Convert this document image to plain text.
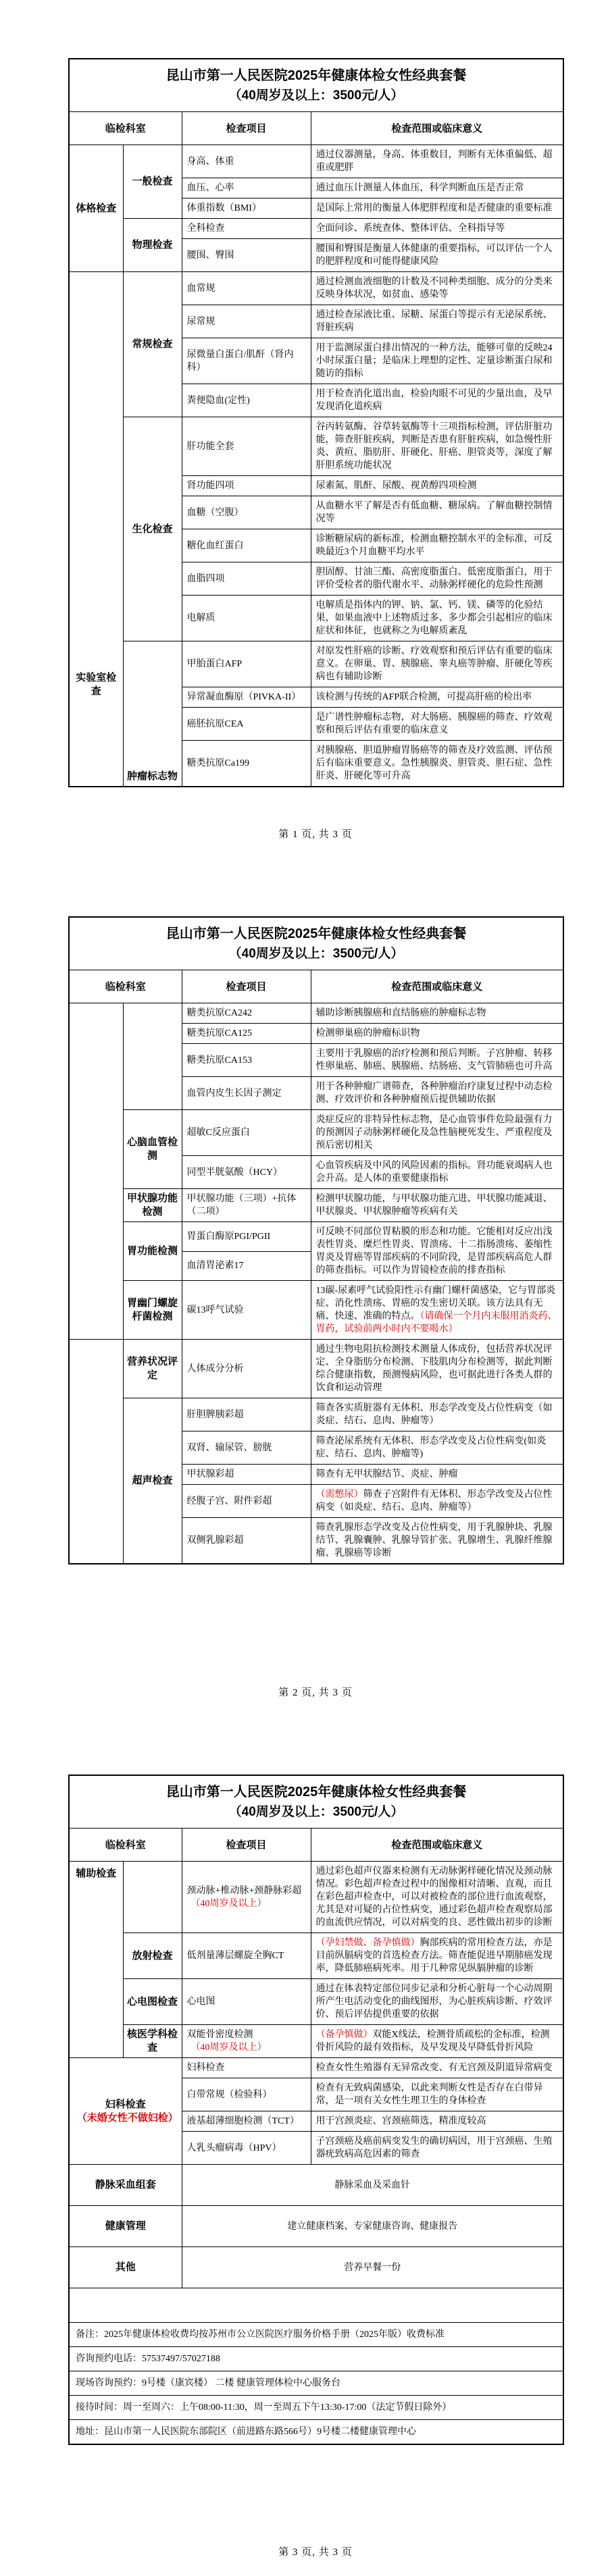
昆山市第一人民医院2025年健康体检女性经典套餐
（40周岁及以上：3500元/人）			

临检科室		检查项目	检查范围或临床意义
体格检查	一般检查	身高、体重	通过仪器测量，身高、体重数目，判断有无体重偏低、超重或肥胖
		血压、心率	通过血压计测量人体血压，科学判断血压是否正常
		体重指数（BMI）	是国际上常用的衡量人体肥胖程度和是否健康的重要标准
	物理检查	全科检查	全面问诊、系统查体、整体评估、全科指导等
		腰围、臀围	腰围和臀围是衡量人体健康的重要指标，可以评估一个人的肥胖程度和可能得健康风险
实验室检查	常规检查	血常规	通过检测血液细胞的计数及不同种类细胞、成分的分类来反映身体状况，如贫血、感染等
		尿常规	通过检查尿液比重、尿糖、尿蛋白等提示有无泌尿系统、肾脏疾病
		尿微量白蛋白/肌酐（肾内科）	用于监测尿蛋白排出情况的一种方法，能够可靠的反映24小时尿蛋白量；是临床上理想的定性、定量诊断蛋白尿和随访的指标
		粪便隐血(定性)	用于检查消化道出血，检验肉眼不可见的少量出血，及早发现消化道疾病
	生化检查	肝功能全套	谷丙转氨酶、谷草转氨酶等十三项指标检测，评估肝脏功能，筛查肝脏疾病，判断是否患有肝脏疾病，如急慢性肝炎、黄疸、脂肪肝、肝硬化、肝癌、胆管炎等，深度了解肝胆系统功能状况
		肾功能四项	尿素氮、肌酐、尿酸、视黄醇四项检测
		血糖（空腹）	从血糖水平了解是否有低血糖、糖尿病。了解血糖控制情况等
		糖化血红蛋白	诊断糖尿病的新标准，检测血糖控制水平的金标准，可反映最近3个月血糖平均水平
		血脂四项	胆固醇、甘油三酯、高密度脂蛋白、低密度脂蛋白，用于评价受检者的脂代谢水平、动脉粥样硬化的危险性预测
		电解质	电解质是指体内的钾、钠、氯、钙、镁、磷等的化验结果，如果血液中上述物质过多、多少都会引起相应的临床症状和体征，也就称之为电解质紊乱
	肿瘤标志物	甲胎蛋白AFP	对原发性肝癌的诊断、疗效观察和预后评估有重要的临床意义。在卵巢、胃、胰腺癌、睾丸癌等肿瘤、肝硬化等疾病也有辅助诊断
		异常凝血酶原（PIVKA-II）	该检测与传统的AFP联合检测，可提高肝癌的检出率
		癌胚抗原CEA	是广谱性肿瘤标志物，对大肠癌、胰腺癌的筛查、疗效观察和预后评估有重要的临床意义
		糖类抗原Ca199	对胰腺癌、胆道肿瘤胃肠癌等的筛查及疗效监测、评估预后有临床重要意义。急性胰腺炎、胆管炎、胆石症、急性肝炎、肝硬化等可升高
第 1 页, 共 3 页
昆山市第一人民医院2025年健康体检女性经典套餐
（40周岁及以上：3500元/人）			

临检科室		检查项目	检查范围或临床意义
		糖类抗原CA242	辅助诊断胰腺癌和直结肠癌的肿瘤标志物
		糖类抗原CA125	检测卵巢癌的肿瘤标识物
		糖类抗原CA153	主要用于乳腺癌的治疗检测和预后判断。子宫肿瘤、转移性卵巢癌、肺癌、胰腺癌、结肠癌、支气管肺癌也可升高
		血管内皮生长因子测定	用于各种肿瘤广谱筛查，各种肿瘤治疗康复过程中动态检测、疗效评价和各种肿瘤预后提供辅助依据
	心脑血管检测	超敏C反应蛋白	炎症反应的非特异性标志物，是心血管事件危险最强有力的预测因子动脉粥样硬化及急性脑梗死发生、严重程度及预后密切相关
		同型半胱氨酸（HCY）	心血管疾病及中风的风险因素的指标。肾功能衰竭病人也会升高。是人体的重要健康指标
	甲状腺功能检测	甲状腺功能（三项）+抗体（二项）	检测甲状腺功能，与甲状腺功能亢进、甲状腺功能减退、甲状腺炎、甲状腺肿瘤等疾病有关
	胃功能检测	胃蛋白酶原PGI/PGII	可反映不同部位胃粘膜的形态和功能。它能相对反应出浅表性胃炎、糜烂性胃炎、胃溃疡、十二指肠溃疡、萎缩性胃炎及胃癌等胃部疾病的不同阶段，是胃部疾病高危人群的筛查指标。可以作为胃镜检查前的排查指标
		血清胃泌素17	
	胃幽门螺旋杆菌检测	碳13呼气试验	13碳-尿素呼气试验阳性示有幽门螺杆菌感染，它与胃部炎症、消化性溃疡、胃癌的发生密切关联。该方法具有无痛、快速、准确的特点。（请确保一个月内未服用消炎药、胃药，试验前两小时内不要喝水）
	营养状况评定	人体成分分析	通过生物电阻抗检测技术测量人体成份，包括营养状况评定、全身脂肪分布检测、下肢肌肉分布检测等，据此判断综合健康指数，预测慢病风险，也可据此进行各类人群的饮食和运动管理
	超声检查	肝胆脾胰彩超	筛查各实质脏器有无体积、形态学改变及占位性病变（如炎症、结石、息肉、肿瘤等）
		双肾、输尿管、膀胱	筛查泌尿系统有无体积、形态学改变及占位性病变(如炎症、结石、息肉、肿瘤等)
		甲状腺彩超	筛查有无甲状腺结节、炎症、肿瘤
		经腹子宫、附件彩超	（需憋尿）筛查子宫附件有无体积、形态学改变及占位性病变（如炎症、结石、息肉、肿瘤等）
		双侧乳腺彩超	筛查乳腺形态学改变及占位性病变，用于乳腺肿块、乳腺结节、乳腺囊肿、乳腺导管扩张、乳腺增生、乳腺纤维腺瘤、乳腺癌等诊断
第 2 页, 共 3 页
昆山市第一人民医院2025年健康体检女性经典套餐
（40周岁及以上：3500元/人）			

临检科室		检查项目	检查范围或临床意义
辅助检查		颈动脉+椎动脉+颈静脉彩超
（40周岁及以上）	通过彩色超声仪器来检测有无动脉粥样硬化情况及颈动脉情况。彩色超声检查过程中的图像相对清晰、直观，而且在彩色超声检查中，可以对被检查的部位进行血流观察，尤其是对可疑的占位性病变，通过彩色超声检查观察局部的血流供应情况，可以对病变的良、恶性做出初步的诊断
	放射检查	低剂量薄层螺旋全胸CT	（孕妇禁做、备孕慎做）胸部疾病的常用检查方法，亦是目前纵膈病变的首选检查方法。筛查能促进早期肺癌发现率，降低肺癌病死率。用于几种常见纵膈肿瘤的诊断
	心电图检查	心电图	通过在体表特定部位同步记录和分析心脏每一个心动周期所产生电活动变化的曲线图形，为心脏疾病诊断、疗效评价、预后评估提供重要的依据
	核医学科检查	双能骨密度检测
（40周岁及以上）	（备孕慎做）双能X线法，检测骨质疏松的金标准，检测骨折风险的最有效指标，及早发现及早降低骨折风险
妇科检查
（未婚女性不做妇检）		妇科检查	检查女性生殖器有无异常改变、有无宫颈及阴道异常病变
		白带常规（检验科）	检查有无致病菌感染，以此来判断女性是否存在白带异常，是一项有关女性生理卫生的身体检查
		液基超薄细胞检测（TCT）	用于宫颈炎症、宫颈癌筛选，精准度较高
		人乳头瘤病毒（HPV）	子宫颈癌及癌前病变发生的确切病因，用于宫颈癌、生殖器疣致病高危因素的筛查
静脉采血组套		静脉采血及采血针	
健康管理		建立健康档案、专家健康咨询、健康报告	
其他		营养早餐一份	

备注：2025年健康体检收费均按苏州市公立医院医疗服务价格手册（2025年版）收费标准			
咨询预约电话：57537497/57027188			
现场咨询预约：9号楼（康宾楼） 二楼 健康管理体检中心服务台			
接待时间：周一至周六：上午08:00-11:30，周一至周五下午13:30-17:00（法定节假日除外）			
地址：昆山市第一人民医院东部院区（前进路东路566号）9号楼二楼健康管理中心			
第 3 页, 共 3 页
